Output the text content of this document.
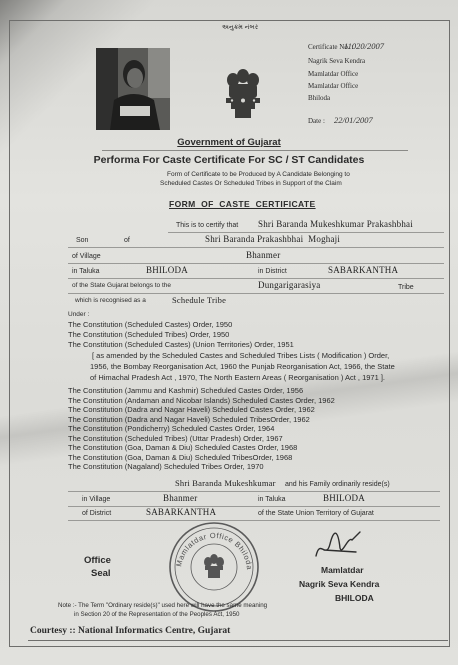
અનુક્રમ નંબર
Certificate No. :
11020/2007
Nagrik Seva Kendra
Mamlatdar Office
Mamlatdar Office
Bhiloda
Date : 22/01/2007
Government of Gujarat
Performa For Caste Certificate For SC / ST Candidates
Form of Certificate to be Produced by A Candidate Belonging to
Scheduled Castes Or Scheduled Tribes in Support of the Claim
FORM  OF  CASTE  CERTIFICATE
This is to certify that Shri Baranda Mukeshkumar Prakashbhai
Son	of	Shri Baranda Prakashbhai  Moghaji
of Village	Bhanmer
in Taluka	BHILODA	in District	SABARKANTHA
of the State Gujarat belongs to the	Dungarigarasiya	Tribe
which is recognised as a	Schedule Tribe
Under :
The Constitution (Scheduled Castes) Order, 1950
The Constitution (Scheduled Tribes) Order, 1950
The Constitution (Scheduled Castes) (Union Territories) Order, 1951
[ as amended by the Scheduled Castes and Scheduled Tribes Lists ( Modification ) Order,
1956, the Bombay Reorganisation Act, 1960 the Punjab Reorganisation Act, 1966, the State
of Himachal Pradesh Act , 1970, The North Eastern Areas ( Reorganisation ) Act , 1971 ].
The Constitution (Jammu and Kashmir) Scheduled Castes Order, 1956
The Constitution (Andaman and Nicobar Islands) Scheduled Castes Order, 1962
The Constitution (Dadra and Nagar Haveli) Scheduled Castes Order, 1962
The Constitution (Dadra and Nagar Haveli) Scheduled TribesOrder, 1962
The Constitution (Pondicherry) Scheduled Castes Order, 1964
The Constitution (Scheduled Tribes) (Uttar Pradesh) Order, 1967
The Constitution (Goa, Daman & Diu) Scheduled Castes Order, 1968
The Constitution (Goa, Daman & Diu) Scheduled TribesOrder, 1968
The Constitution (Nagaland) Scheduled Tribes Order, 1970
Shri Baranda Mukeshkumar and his Family ordinarily reside(s)
in Village	Bhanmer	in Taluka	BHILODA
of District	SABARKANTHA	of the State Union Territory of Gujarat
Office
Seal
Mamlatdar Office Bhiloda	Mamlatdar
Nagrik Seva Kendra
BHILODA
Note :- The Term "Ordinary reside(s)" used here will have the same meaning
in Section 20 of the Representation of the Peoples Act, 1950
Courtesy :: National Informatics Centre, Gujarat
